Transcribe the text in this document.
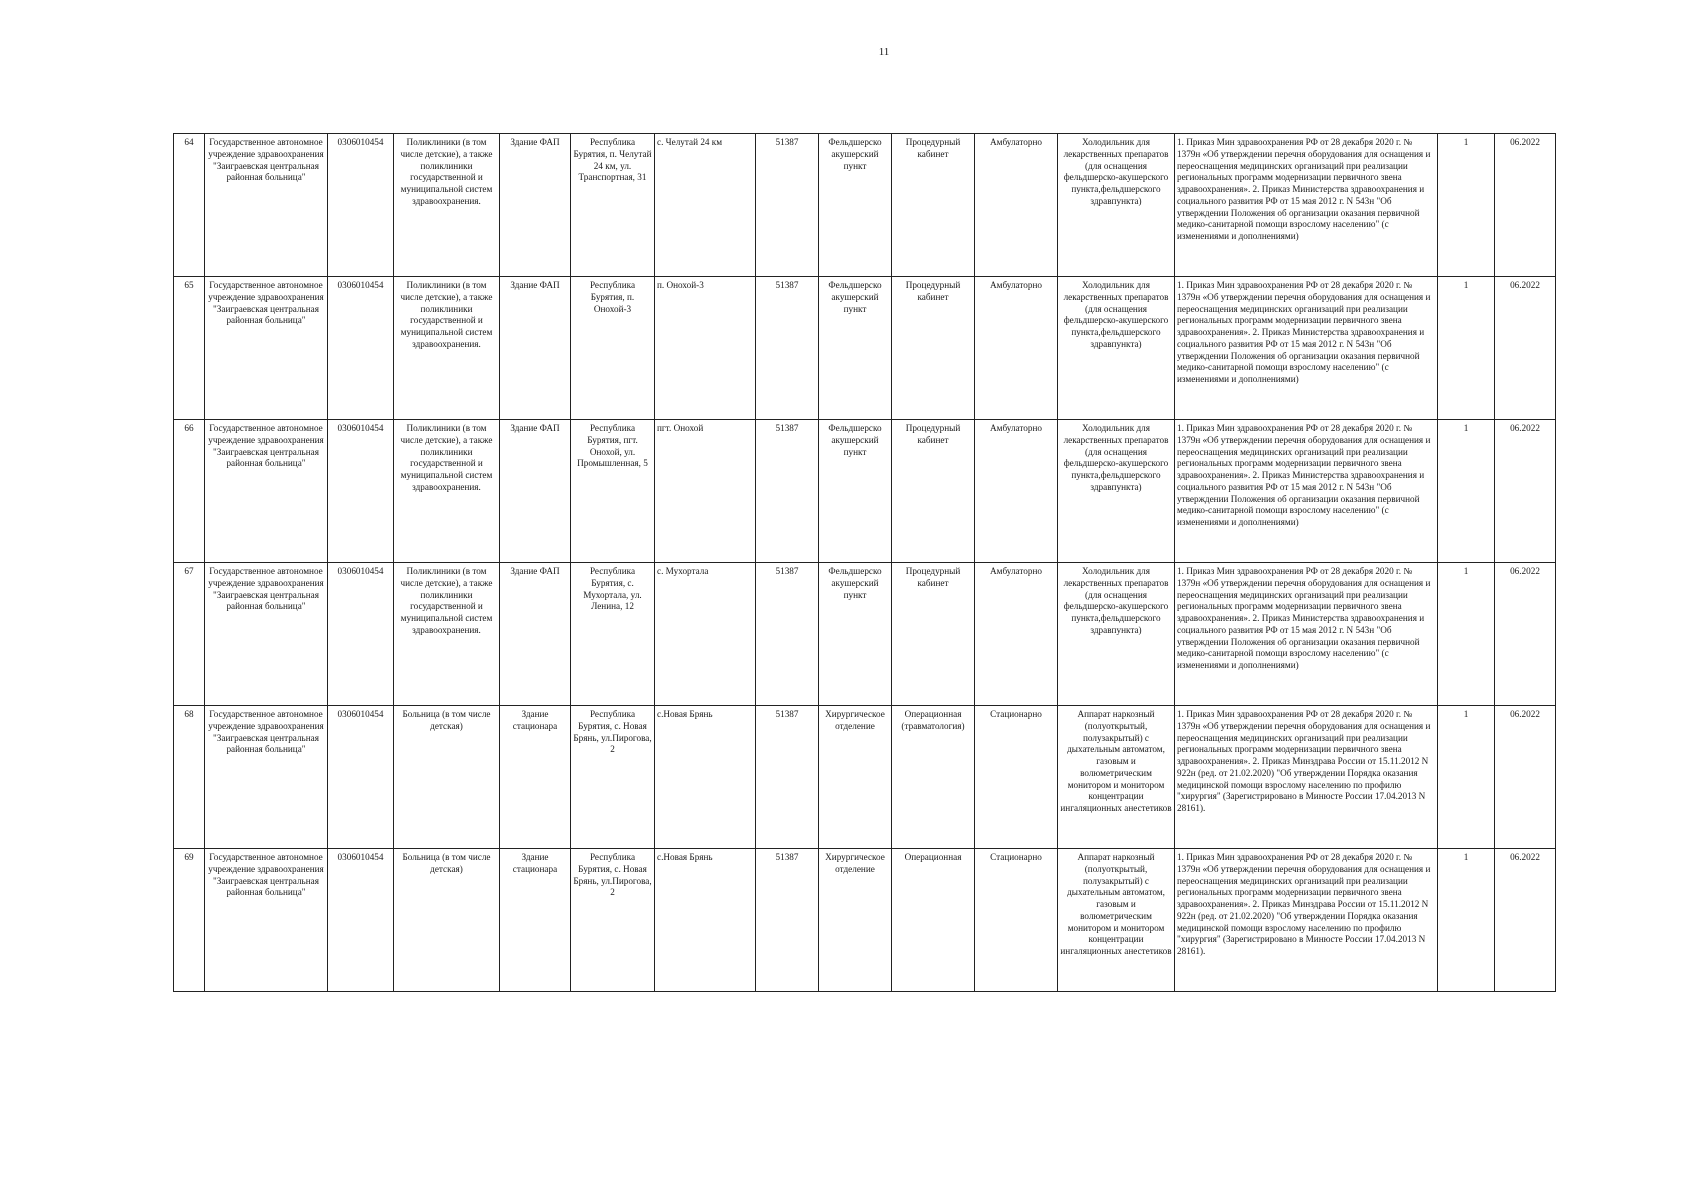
11
64	Государственное автономное учреждение здравоохранения "Заиграевская центральная районная больница"	0306010454	Поликлиники (в том числе детские), а также поликлиники государственной и муниципальной систем здравоохранения.	Здание ФАП	Республика Бурятия, п. Челутай 24 км, ул. Транспортная, 31	с. Челутай 24 км	51387	Фельдшерско акушерский пункт	Процедурный кабинет	Амбулаторно	Холодильник для лекарственных препаратов (для оснащения фельдшерско-акушерского пункта,фельдшерского здравпункта)	1. Приказ Мин здравоохранения РФ от 28 декабря 2020 г. № 1379н «Об утверждении перечня оборудования для оснащения и переоснащения медицинских организаций при реализации региональных программ модернизации первичного звена здравоохранения». 2. Приказ Министерства здравоохранения и социального развития РФ от 15 мая 2012 г. N 543н "Об утверждении Положения об организации оказания первичной медико-санитарной помощи взрослому населению" (с изменениями и дополнениями)	1	06.2022
65	Государственное автономное учреждение здравоохранения "Заиграевская центральная районная больница"	0306010454	Поликлиники (в том числе детские), а также поликлиники государственной и муниципальной систем здравоохранения.	Здание ФАП	Республика Бурятия, п. Онохой-3	п. Онохой-3	51387	Фельдшерско акушерский пункт	Процедурный кабинет	Амбулаторно	Холодильник для лекарственных препаратов (для оснащения фельдшерско-акушерского пункта,фельдшерского здравпункта)	1. Приказ Мин здравоохранения РФ от 28 декабря 2020 г. № 1379н «Об утверждении перечня оборудования для оснащения и переоснащения медицинских организаций при реализации региональных программ модернизации первичного звена здравоохранения». 2. Приказ Министерства здравоохранения и социального развития РФ от 15 мая 2012 г. N 543н "Об утверждении Положения об организации оказания первичной медико-санитарной помощи взрослому населению" (с изменениями и дополнениями)	1	06.2022
66	Государственное автономное учреждение здравоохранения "Заиграевская центральная районная больница"	0306010454	Поликлиники (в том числе детские), а также поликлиники государственной и муниципальной систем здравоохранения.	Здание ФАП	Республика Бурятия, пгт. Онохой, ул. Промышленная, 5	пгт. Онохой	51387	Фельдшерско акушерский пункт	Процедурный кабинет	Амбулаторно	Холодильник для лекарственных препаратов (для оснащения фельдшерско-акушерского пункта,фельдшерского здравпункта)	1. Приказ Мин здравоохранения РФ от 28 декабря 2020 г. № 1379н «Об утверждении перечня оборудования для оснащения и переоснащения медицинских организаций при реализации региональных программ модернизации первичного звена здравоохранения». 2. Приказ Министерства здравоохранения и социального развития РФ от 15 мая 2012 г. N 543н "Об утверждении Положения об организации оказания первичной медико-санитарной помощи взрослому населению" (с изменениями и дополнениями)	1	06.2022
67	Государственное автономное учреждение здравоохранения "Заиграевская центральная районная больница"	0306010454	Поликлиники (в том числе детские), а также поликлиники государственной и муниципальной систем здравоохранения.	Здание ФАП	Республика Бурятия, с. Мухортала, ул. Ленина, 12	с. Мухортала	51387	Фельдшерско акушерский пункт	Процедурный кабинет	Амбулаторно	Холодильник для лекарственных препаратов (для оснащения фельдшерско-акушерского пункта,фельдшерского здравпункта)	1. Приказ Мин здравоохранения РФ от 28 декабря 2020 г. № 1379н «Об утверждении перечня оборудования для оснащения и переоснащения медицинских организаций при реализации региональных программ модернизации первичного звена здравоохранения». 2. Приказ Министерства здравоохранения и социального развития РФ от 15 мая 2012 г. N 543н "Об утверждении Положения об организации оказания первичной медико-санитарной помощи взрослому населению" (с изменениями и дополнениями)	1	06.2022
68	Государственное автономное учреждение здравоохранения "Заиграевская центральная районная больница"	0306010454	Больница (в том числе детская)	Здание стационара	Республика Бурятия, с. Новая Брянь, ул.Пирогова, 2	с.Новая Брянь	51387	Хирургическое отделение	Операционная (травматология)	Стационарно	Аппарат наркозный (полуоткрытый, полузакрытый) с дыхательным автоматом, газовым и волюметрическим монитором и монитором концентрации ингаляционных анестетиков	1. Приказ Мин здравоохранения РФ от 28 декабря 2020 г. № 1379н «Об утверждении перечня оборудования для оснащения и переоснащения медицинских организаций при реализации региональных программ модернизации первичного звена здравоохранения». 2. Приказ Минздрава России от 15.11.2012 N 922н (ред. от 21.02.2020) "Об утверждении Порядка оказания медицинской помощи взрослому населению по профилю "хирургия" (Зарегистрировано в Минюсте России 17.04.2013 N 28161).	1	06.2022
69	Государственное автономное учреждение здравоохранения "Заиграевская центральная районная больница"	0306010454	Больница (в том числе детская)	Здание стационара	Республика Бурятия, с. Новая Брянь, ул.Пирогова, 2	с.Новая Брянь	51387	Хирургическое отделение	Операционная	Стационарно	Аппарат наркозный (полуоткрытый, полузакрытый) с дыхательным автоматом, газовым и волюметрическим монитором и монитором концентрации ингаляционных анестетиков	1. Приказ Мин здравоохранения РФ от 28 декабря 2020 г. № 1379н «Об утверждении перечня оборудования для оснащения и переоснащения медицинских организаций при реализации региональных программ модернизации первичного звена здравоохранения». 2. Приказ Минздрава России от 15.11.2012 N 922н (ред. от 21.02.2020) "Об утверждении Порядка оказания медицинской помощи взрослому населению по профилю "хирургия" (Зарегистрировано в Минюсте России 17.04.2013 N 28161).	1	06.2022
